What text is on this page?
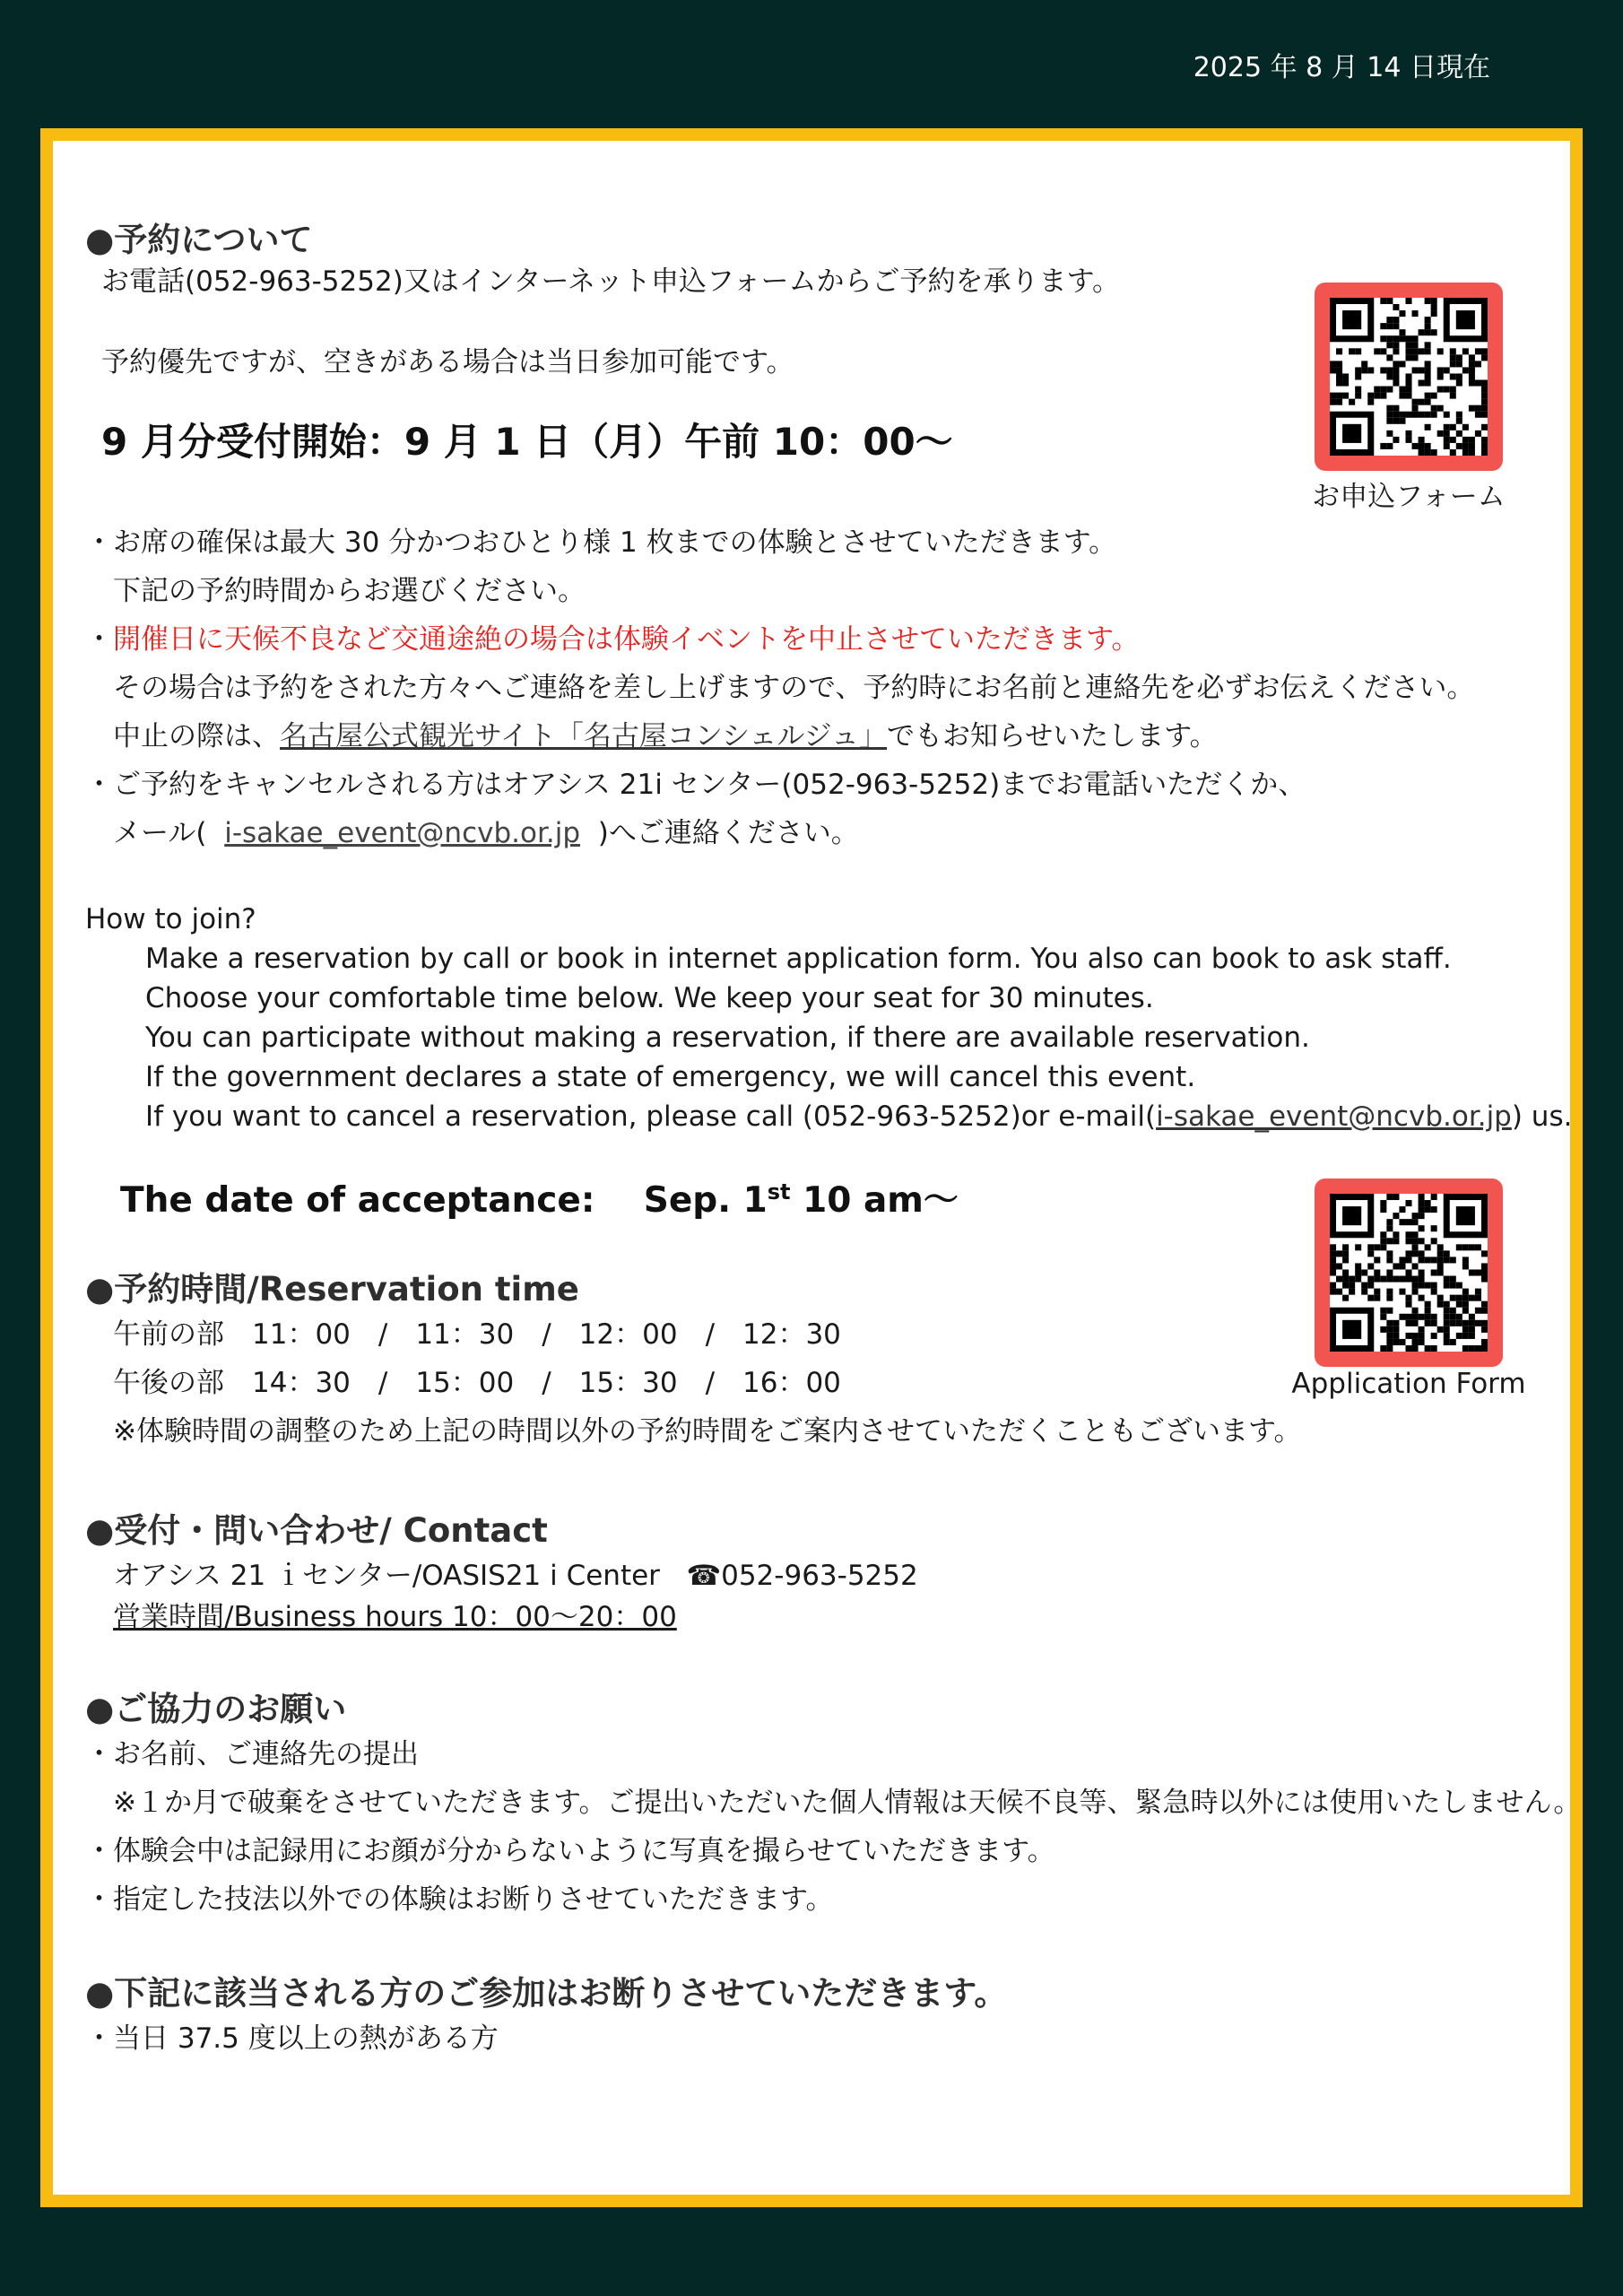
2025 年 8 月 14 日現在
●予約について
お電話(052-963-5252)又はインターネット申込フォームからご予約を承ります。
予約優先ですが、空きがある場合は当日参加可能です。
9 月分受付開始：9 月 1 日（月）午前 10：00〜
お申込フォーム
・お席の確保は最大 30 分かつおひとり様 1 枚までの体験とさせていただきます。
下記の予約時間からお選びください。
・開催日に天候不良など交通途絶の場合は体験イベントを中止させていただきます。
その場合は予約をされた方々へご連絡を差し上げますので、予約時にお名前と連絡先を必ずお伝えください。
中止の際は、名古屋公式観光サイト「名古屋コンシェルジュ」でもお知らせいたします。
・ご予約をキャンセルされる方はオアシス 21i センター(052-963-5252)までお電話いただくか、
メール( i-sakae_event@ncvb.or.jp )へご連絡ください。
How to join?
Make a reservation by call or book in internet application form. You also can book to ask staff.
Choose your comfortable time below. We keep your seat for 30 minutes.
You can participate without making a reservation, if there are available reservation.
If the government declares a state of emergency, we will cancel this event.
If you want to cancel a reservation, please call (052-963-5252)or e-mail(i-sakae_event@ncvb.or.jp) us.
The date of acceptance: Sep. 1st 10 am〜
Application Form
●予約時間/Reservation time
午前の部　11：00　/　11：30　/　12：00　/　12：30
午後の部　14：30　/　15：00　/　15：30　/　16：00
※体験時間の調整のため上記の時間以外の予約時間をご案内させていただくこともございます。
●受付・問い合わせ/ Contact
オアシス 21 ｉセンター/OASIS21 i Center ☎052-963-5252
営業時間/Business hours 10：00〜20：00
●ご協力のお願い
・お名前、ご連絡先の提出
※１か月で破棄をさせていただきます。ご提出いただいた個人情報は天候不良等、緊急時以外には使用いたしません。
・体験会中は記録用にお顔が分からないように写真を撮らせていただきます。
・指定した技法以外での体験はお断りさせていただきます。
●下記に該当される方のご参加はお断りさせていただきます。
・当日 37.5 度以上の熱がある方
